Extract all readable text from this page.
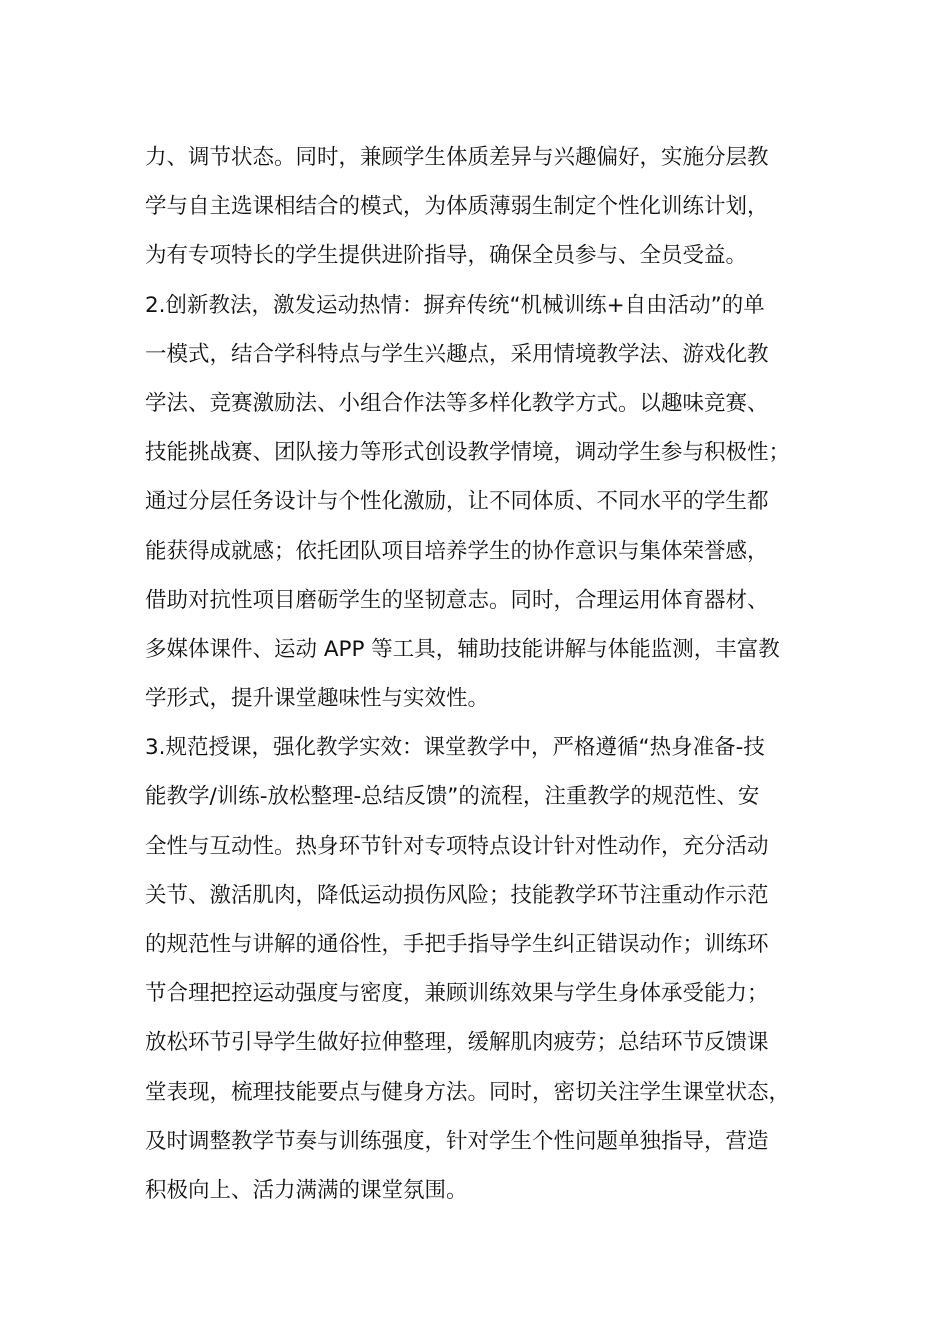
力、调节状态。同时，兼顾学生体质差异与兴趣偏好，实施分层教
学与自主选课相结合的模式，为体质薄弱生制定个性化训练计划，
为有专项特长的学生提供进阶指导，确保全员参与、全员受益。
2.创新教法，激发运动热情：摒弃传统“机械训练+自由活动”的单
一模式，结合学科特点与学生兴趣点，采用情境教学法、游戏化教
学法、竞赛激励法、小组合作法等多样化教学方式。以趣味竞赛、
技能挑战赛、团队接力等形式创设教学情境，调动学生参与积极性；
通过分层任务设计与个性化激励，让不同体质、不同水平的学生都
能获得成就感；依托团队项目培养学生的协作意识与集体荣誉感，
借助对抗性项目磨砺学生的坚韧意志。同时，合理运用体育器材、
多媒体课件、运动 APP 等工具，辅助技能讲解与体能监测，丰富教
学形式，提升课堂趣味性与实效性。
3.规范授课，强化教学实效：课堂教学中，严格遵循“热身准备-技
能教学/训练-放松整理-总结反馈”的流程，注重教学的规范性、安
全性与互动性。热身环节针对专项特点设计针对性动作，充分活动
关节、激活肌肉，降低运动损伤风险；技能教学环节注重动作示范
的规范性与讲解的通俗性，手把手指导学生纠正错误动作；训练环
节合理把控运动强度与密度，兼顾训练效果与学生身体承受能力；
放松环节引导学生做好拉伸整理，缓解肌肉疲劳；总结环节反馈课
堂表现，梳理技能要点与健身方法。同时，密切关注学生课堂状态，
及时调整教学节奏与训练强度，针对学生个性问题单独指导，营造
积极向上、活力满满的课堂氛围。
